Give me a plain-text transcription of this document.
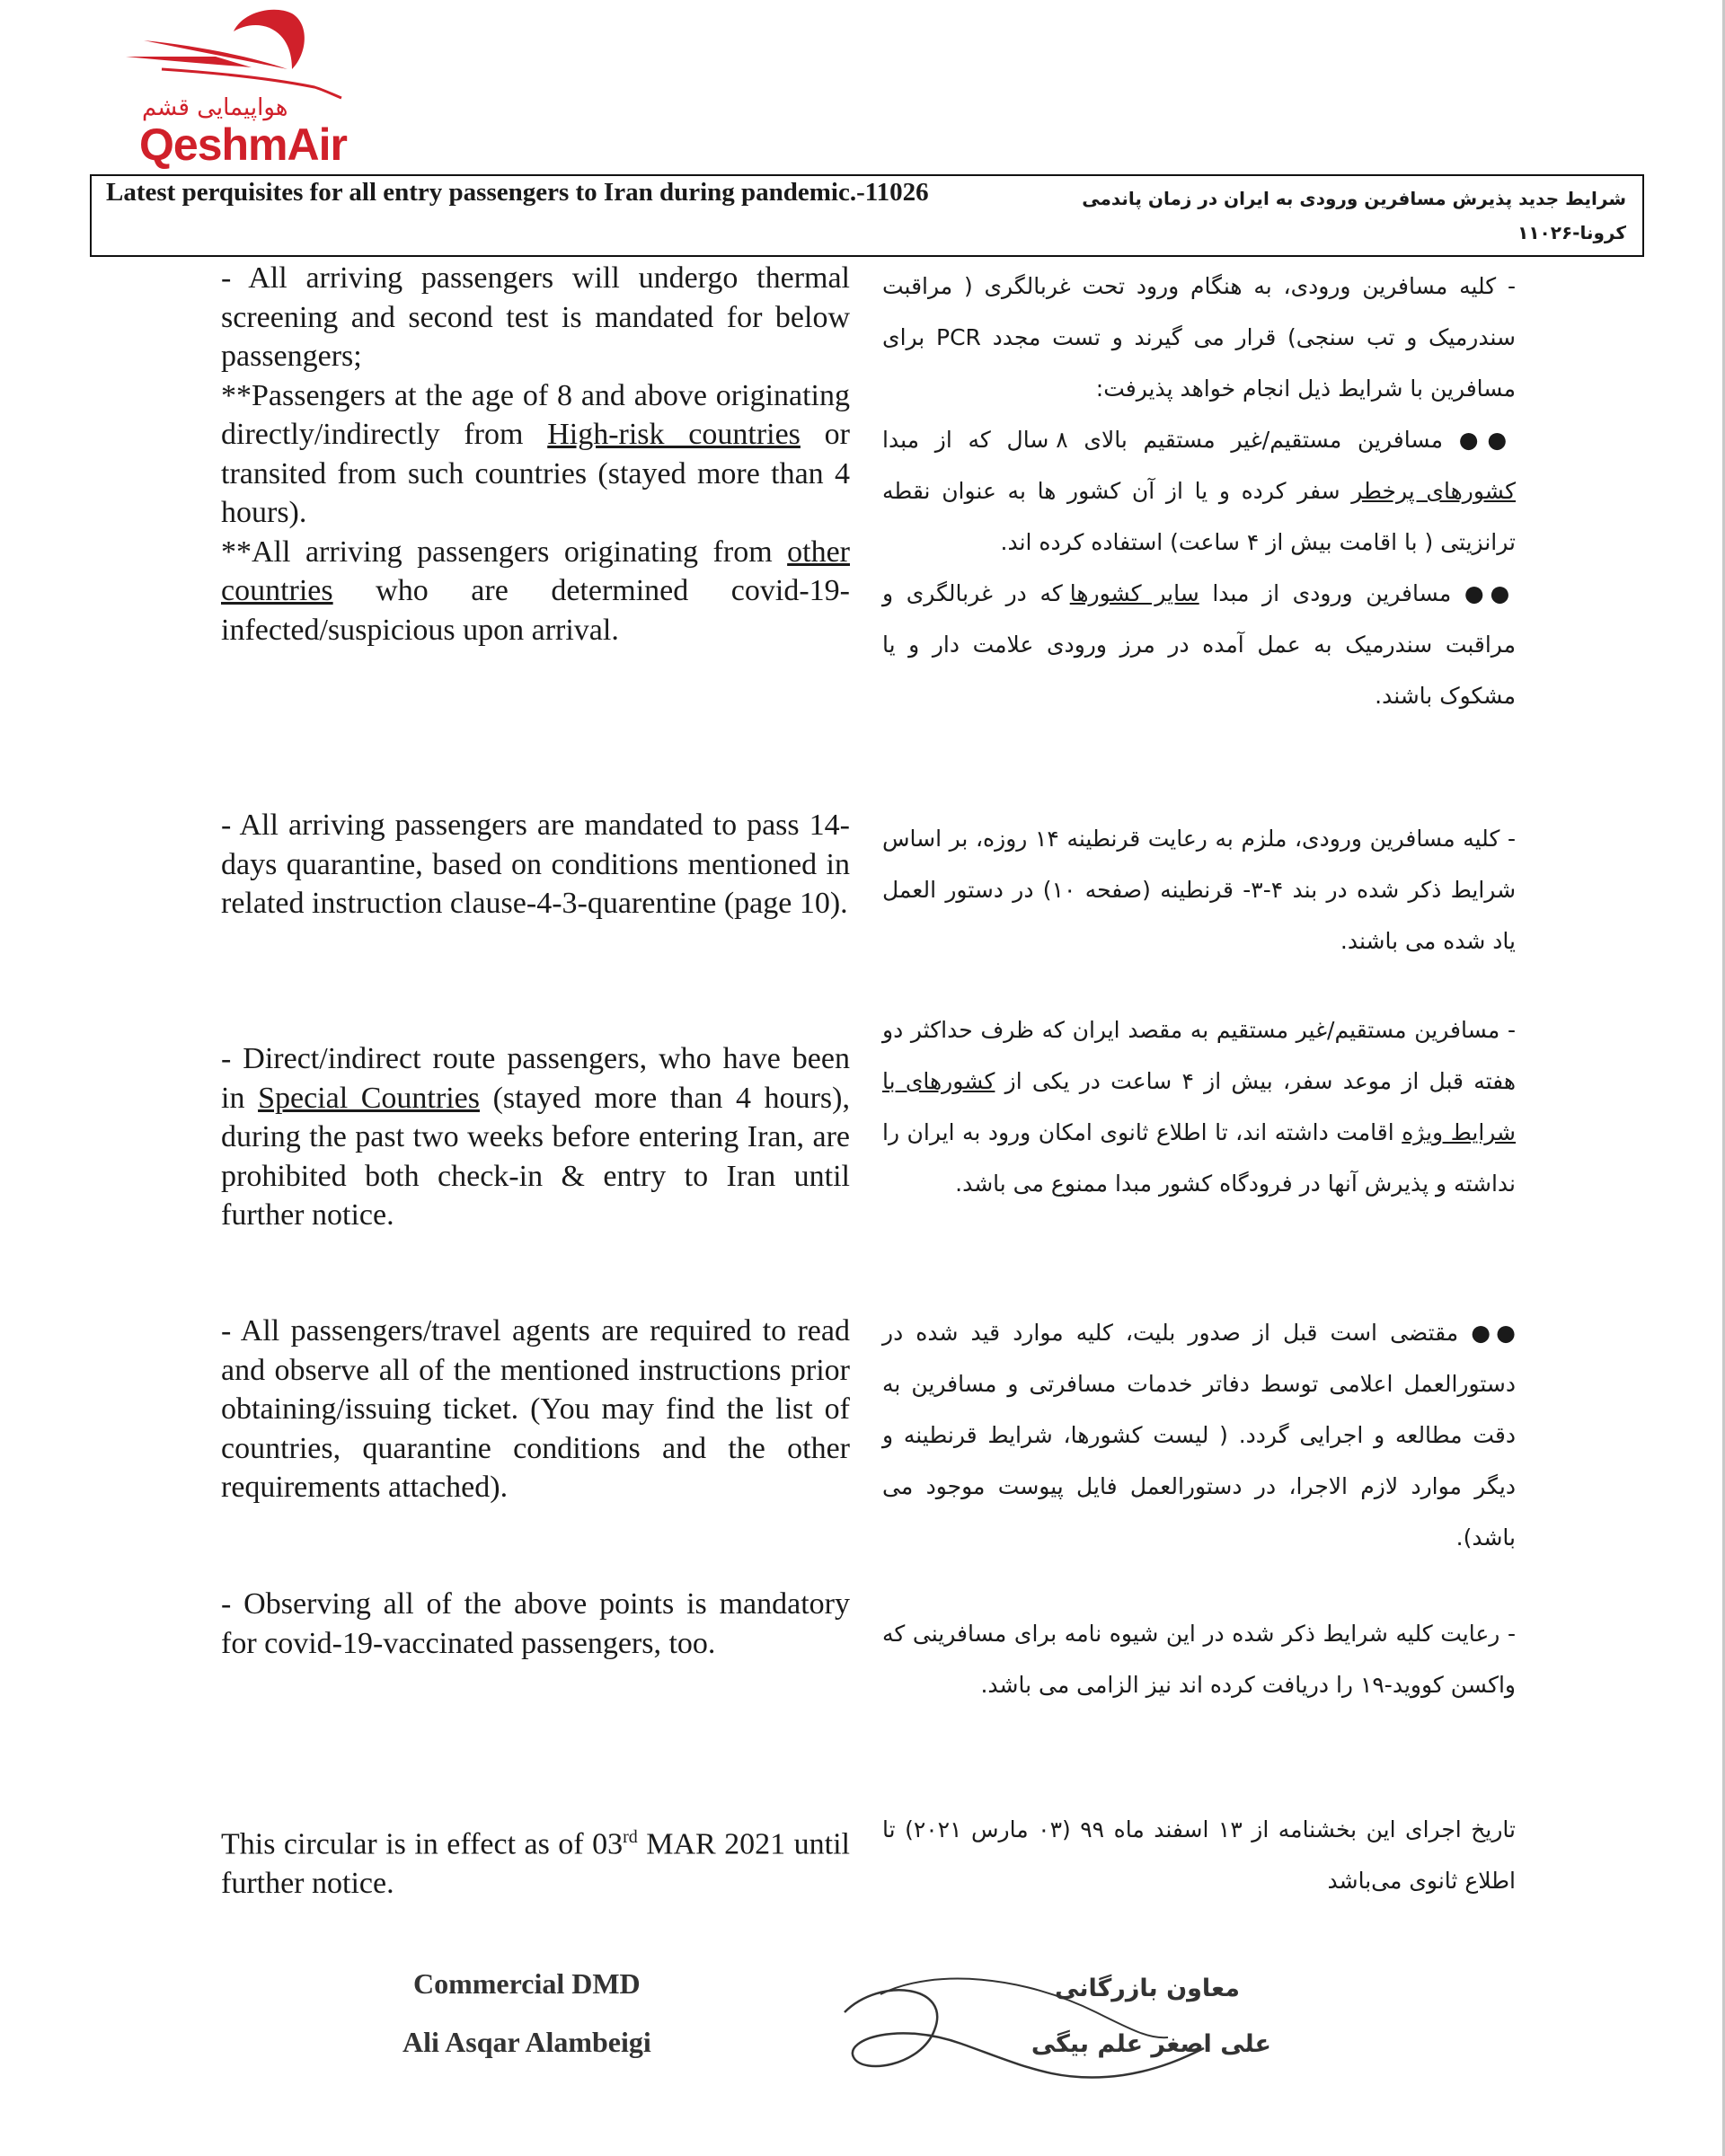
هواپیمایی قشم
QeshmAir
Latest perquisites for all entry passengers to Iran during pandemic.-11026	شرایط جدید پذیرش مسافرین ورودی به ایران در زمان پاندمی کرونا-۱۱۰۲۶

- All arriving passengers will undergo thermal screening and second test is mandated for below passengers;

**Passengers at the age of 8 and above originating directly/indirectly from High-risk countries or transited from such countries (stayed more than 4 hours).

**All arriving passengers originating from other countries who are determined covid-19-infected/suspicious upon arrival.

- کلیه مسافرین ورودی، به هنگام ورود تحت غربالگری ( مراقبت سندرمیک و تب سنجی) قرار می گیرند و تست مجدد PCR برای مسافرین با شرایط ذیل انجام خواهد پذیرفت:

●● مسافرین مستقیم/غیر مستقیم بالای ۸ سال که از مبدا کشورهای پرخطر سفر کرده و یا از آن کشور ها به عنوان نقطه ترانزیتی ( با اقامت بیش از ۴ ساعت) استفاده کرده اند.

●● مسافرین ورودی از مبدا سایر کشورها که در غربالگری و مراقبت سندرمیک به عمل آمده در مرز ورودی علامت دار و یا مشکوک باشند.

- All arriving passengers are mandated to pass 14-days quarantine, based on conditions mentioned in related instruction clause-4-3-quarentine (page 10).

- کلیه مسافرین ورودی، ملزم به رعایت قرنطینه ۱۴ روزه، بر اساس شرایط ذکر شده در بند ۴-۳- قرنطینه (صفحه ۱۰) در دستور العمل یاد شده می باشند.

- Direct/indirect route passengers, who have been in Special Countries (stayed more than 4 hours), during the past two weeks before entering Iran, are prohibited both check-in & entry to Iran until further notice.

- مسافرین مستقیم/غیر مستقیم به مقصد ایران که ظرف حداکثر دو هفته قبل از موعد سفر، بیش از ۴ ساعت در یکی از کشورهای با شرایط ویژه اقامت داشته اند، تا اطلاع ثانوی امکان ورود به ایران را نداشته و پذیرش آنها در فرودگاه کشور مبدا ممنوع می باشد.

- All passengers/travel agents are required to read and observe all of the mentioned instructions prior obtaining/issuing ticket. (You may find the list of countries, quarantine conditions and the other requirements attached).

●● مقتضی است قبل از صدور بلیت، کلیه موارد قید شده در دستورالعمل اعلامی توسط دفاتر خدمات مسافرتی و مسافرین به دقت مطالعه و اجرایی گردد. ( لیست کشورها، شرایط قرنطینه و دیگر موارد لازم الاجرا، در دستورالعمل فایل پیوست موجود می باشد).

- Observing all of the above points is mandatory for covid-19-vaccinated passengers, too.	- رعایت کلیه شرایط ذکر شده در این شیوه نامه برای مسافرینی که واکسن کووید-۱۹ را دریافت کرده اند نیز الزامی می باشد.

This circular is in effect as of 03rd MAR 2021 until further notice.

تاریخ اجرای این بخشنامه از ۱۳ اسفند ماه ۹۹ (۰۳ مارس ۲۰۲۱) تا اطلاع ثانوی می‌باشد

Commercial DMD
Ali Asqar Alambeigi
معاون بازرگانی
علی اصغر علم بیگی
